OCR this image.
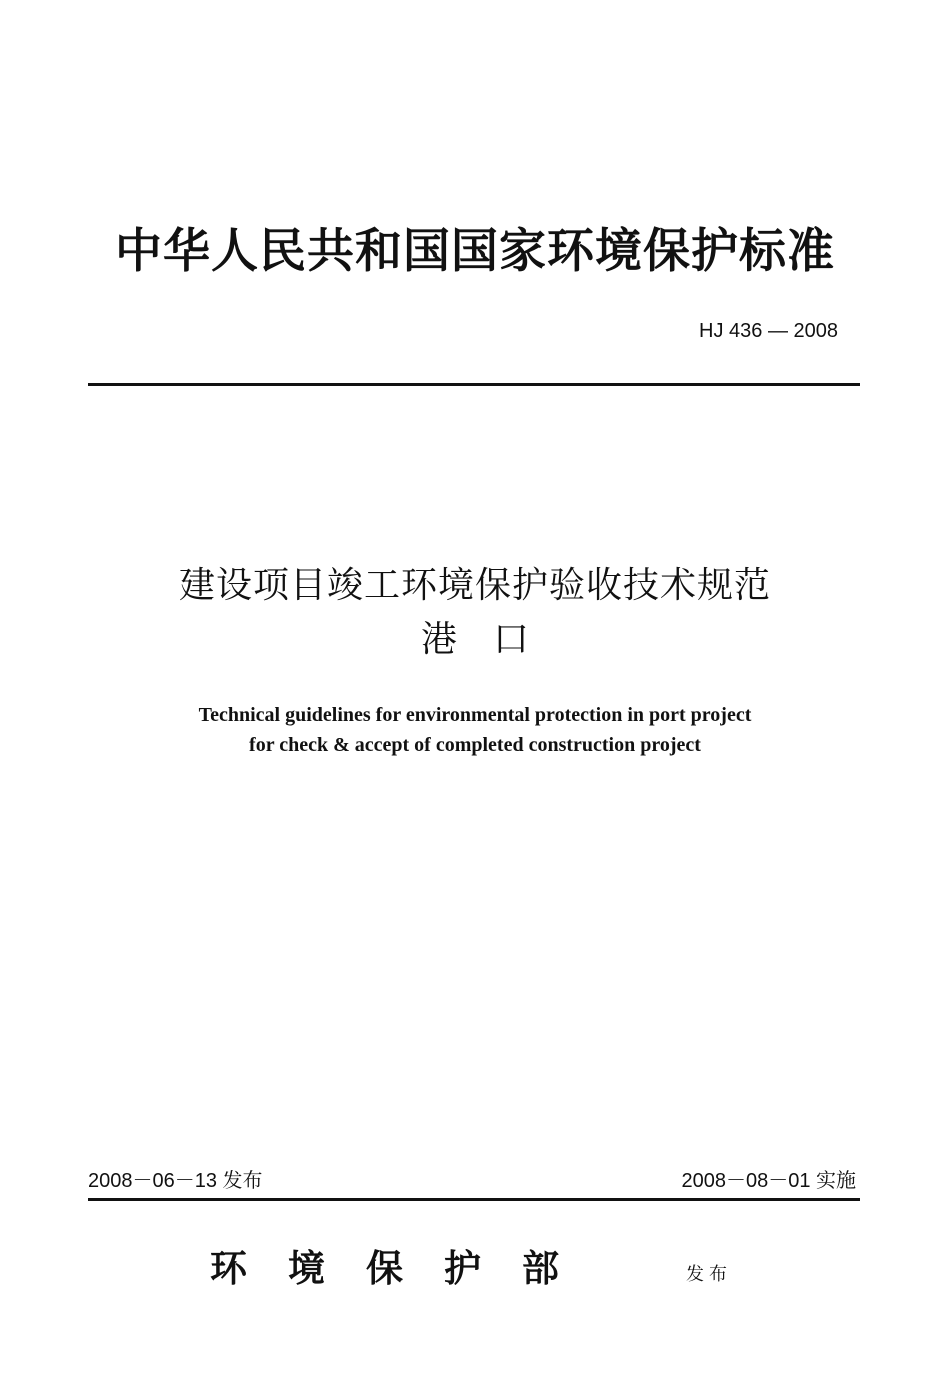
中华人民共和国国家环境保护标准
HJ 436 — 2008
建设项目竣工环境保护验收技术规范
港　口
Technical guidelines for environmental protection in port project
for check & accept of completed construction project
2008－06－13 发布	2008－08－01 实施
环境保护部	发布
